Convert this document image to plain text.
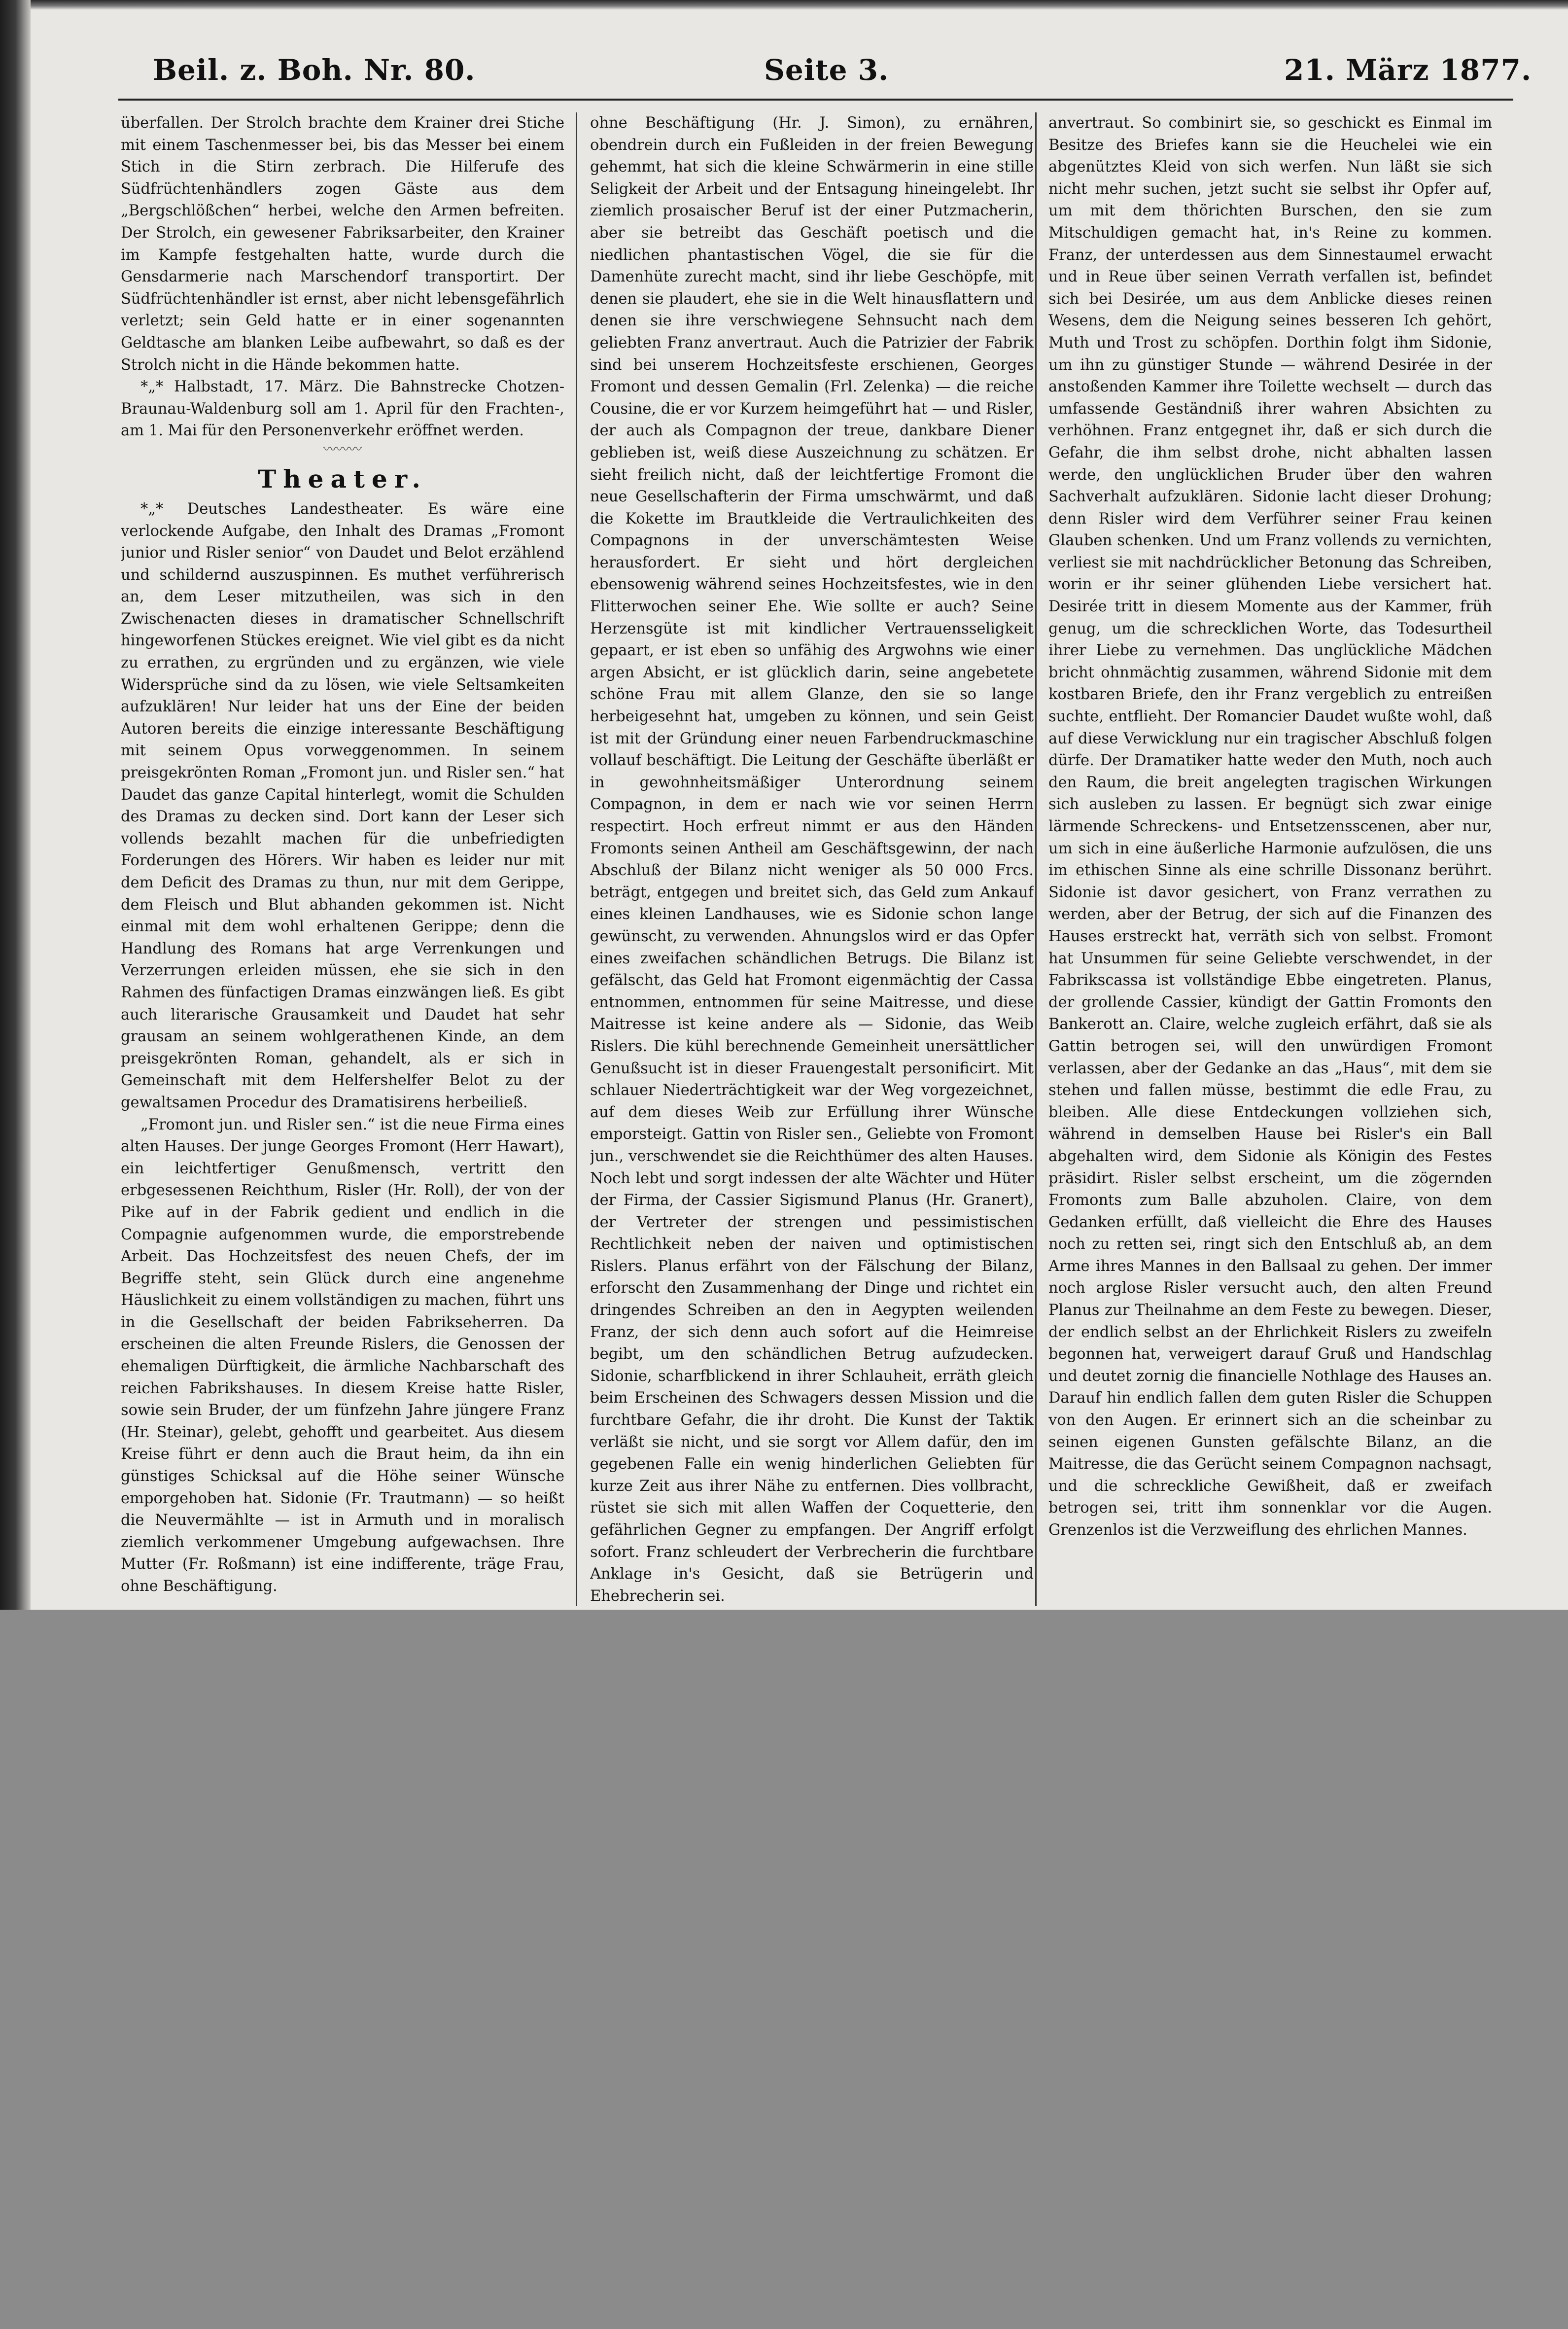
Beil. z. Boh. Nr. 80.	Seite 3.	21. März 1877.

überfallen. Der Strolch brachte dem Krainer drei Stiche mit einem Taschenmesser bei, bis das Messer bei einem Stich in die Stirn zerbrach. Die Hilferufe des Südfrüchtenhändlers zogen Gäste aus dem „Bergschlößchen“ herbei, welche den Armen befreiten. Der Strolch, ein gewesener Fabriksarbeiter, den Krainer im Kampfe festgehalten hatte, wurde durch die Gensdarmerie nach Marschendorf transportirt. Der Südfrüchtenhändler ist ernst, aber nicht lebensgefährlich verletzt; sein Geld hatte er in einer sogenannten Geldtasche am blanken Leibe aufbewahrt, so daß es der Strolch nicht in die Hände bekommen hatte.

*„* Halbstadt, 17. März. Die Bahnstrecke Chotzen-Braunau-Waldenburg soll am 1. April für den Frachten-, am 1. Mai für den Personenverkehr eröffnet werden.

〰〰〰
Theater.

*„* Deutsches Landestheater. Es wäre eine verlockende Aufgabe, den Inhalt des Dramas „Fromont junior und Risler senior“ von Daudet und Belot erzählend und schildernd auszuspinnen. Es muthet verführerisch an, dem Leser mitzutheilen, was sich in den Zwischenacten dieses in dramatischer Schnellschrift hingeworfenen Stückes ereignet. Wie viel gibt es da nicht zu errathen, zu ergründen und zu ergänzen, wie viele Widersprüche sind da zu lösen, wie viele Seltsamkeiten aufzuklären! Nur leider hat uns der Eine der beiden Autoren bereits die einzige interessante Beschäftigung mit seinem Opus vorweggenommen. In seinem preisgekrönten Roman „Fromont jun. und Risler sen.“ hat Daudet das ganze Capital hinterlegt, womit die Schulden des Dramas zu decken sind. Dort kann der Leser sich vollends bezahlt machen für die unbefriedigten Forderungen des Hörers. Wir haben es leider nur mit dem Deficit des Dramas zu thun, nur mit dem Gerippe, dem Fleisch und Blut abhanden gekommen ist. Nicht einmal mit dem wohl erhaltenen Gerippe; denn die Handlung des Romans hat arge Verrenkungen und Verzerrungen erleiden müssen, ehe sie sich in den Rahmen des fünfactigen Dramas einzwängen ließ. Es gibt auch literarische Grausamkeit und Daudet hat sehr grausam an seinem wohlgerathenen Kinde, an dem preisgekrönten Roman, gehandelt, als er sich in Gemeinschaft mit dem Helfershelfer Belot zu der gewaltsamen Procedur des Dramatisirens herbeiließ.

„Fromont jun. und Risler sen.“ ist die neue Firma eines alten Hauses. Der junge Georges Fromont (Herr Hawart), ein leichtfertiger Genußmensch, vertritt den erbgesessenen Reichthum, Risler (Hr. Roll), der von der Pike auf in der Fabrik gedient und endlich in die Compagnie aufgenommen wurde, die emporstrebende Arbeit. Das Hochzeitsfest des neuen Chefs, der im Begriffe steht, sein Glück durch eine angenehme Häuslichkeit zu einem vollständigen zu machen, führt uns in die Gesellschaft der beiden Fabrikseherren. Da erscheinen die alten Freunde Rislers, die Genossen der ehemaligen Dürftigkeit, die ärmliche Nachbarschaft des reichen Fabrikshauses. In diesem Kreise hatte Risler, sowie sein Bruder, der um fünfzehn Jahre jüngere Franz (Hr. Steinar), gelebt, gehofft und gearbeitet. Aus diesem Kreise führt er denn auch die Braut heim, da ihn ein günstiges Schicksal auf die Höhe seiner Wünsche emporgehoben hat. Sidonie (Fr. Trautmann) — so heißt die Neuvermählte — ist in Armuth und in moralisch ziemlich verkommener Umgebung aufgewachsen. Ihre Mutter (Fr. Roßmann) ist eine indifferente, träge Frau, ohne Beschäftigung.

ohne Beschäftigung (Hr. J. Simon), zu ernähren, obendrein durch ein Fußleiden in der freien Bewegung gehemmt, hat sich die kleine Schwärmerin in eine stille Seligkeit der Arbeit und der Entsagung hineingelebt. Ihr ziemlich prosaischer Beruf ist der einer Putzmacherin, aber sie betreibt das Geschäft poetisch und die niedlichen phantastischen Vögel, die sie für die Damenhüte zurecht macht, sind ihr liebe Geschöpfe, mit denen sie plaudert, ehe sie in die Welt hinausflattern und denen sie ihre verschwiegene Sehnsucht nach dem geliebten Franz anvertraut. Auch die Patrizier der Fabrik sind bei unserem Hochzeitsfeste erschienen, Georges Fromont und dessen Gemalin (Frl. Zelenka) — die reiche Cousine, die er vor Kurzem heimgeführt hat — und Risler, der auch als Compagnon der treue, dankbare Diener geblieben ist, weiß diese Auszeichnung zu schätzen. Er sieht freilich nicht, daß der leichtfertige Fromont die neue Gesellschafterin der Firma umschwärmt, und daß die Kokette im Brautkleide die Vertraulichkeiten des Compagnons in der unverschämtesten Weise herausfordert. Er sieht und hört dergleichen ebensowenig während seines Hochzeitsfestes, wie in den Flitterwochen seiner Ehe. Wie sollte er auch? Seine Herzensgüte ist mit kindlicher Vertrauensseligkeit gepaart, er ist eben so unfähig des Argwohns wie einer argen Absicht, er ist glücklich darin, seine angebetete schöne Frau mit allem Glanze, den sie so lange herbeigesehnt hat, umgeben zu können, und sein Geist ist mit der Gründung einer neuen Farbendruckmaschine vollauf beschäftigt. Die Leitung der Geschäfte überläßt er in gewohnheitsmäßiger Unterordnung seinem Compagnon, in dem er nach wie vor seinen Herrn respectirt. Hoch erfreut nimmt er aus den Händen Fromonts seinen Antheil am Geschäftsgewinn, der nach Abschluß der Bilanz nicht weniger als 50 000 Frcs. beträgt, entgegen und breitet sich, das Geld zum Ankauf eines kleinen Landhauses, wie es Sidonie schon lange gewünscht, zu verwenden. Ahnungslos wird er das Opfer eines zweifachen schändlichen Betrugs. Die Bilanz ist gefälscht, das Geld hat Fromont eigenmächtig der Cassa entnommen, entnommen für seine Maitresse, und diese Maitresse ist keine andere als — Sidonie, das Weib Rislers. Die kühl berechnende Gemeinheit unersättlicher Genußsucht ist in dieser Frauengestalt personificirt. Mit schlauer Niederträchtigkeit war der Weg vorgezeichnet, auf dem dieses Weib zur Erfüllung ihrer Wünsche emporsteigt. Gattin von Risler sen., Geliebte von Fromont jun., verschwendet sie die Reichthümer des alten Hauses. Noch lebt und sorgt indessen der alte Wächter und Hüter der Firma, der Cassier Sigismund Planus (Hr. Granert), der Vertreter der strengen und pessimistischen Rechtlichkeit neben der naiven und optimistischen Rislers. Planus erfährt von der Fälschung der Bilanz, erforscht den Zusammenhang der Dinge und richtet ein dringendes Schreiben an den in Aegypten weilenden Franz, der sich denn auch sofort auf die Heimreise begibt, um den schändlichen Betrug aufzudecken. Sidonie, scharfblickend in ihrer Schlauheit, erräth gleich beim Erscheinen des Schwagers dessen Mission und die furchtbare Gefahr, die ihr droht. Die Kunst der Taktik verläßt sie nicht, und sie sorgt vor Allem dafür, den im gegebenen Falle ein wenig hinderlichen Geliebten für kurze Zeit aus ihrer Nähe zu entfernen. Dies vollbracht, rüstet sie sich mit allen Waffen der Coquetterie, den gefährlichen Gegner zu empfangen. Der Angriff erfolgt sofort. Franz schleudert der Verbrecherin die furchtbare Anklage in's Gesicht, daß sie Betrügerin und Ehebrecherin sei.

anvertraut. So combinirt sie, so geschickt es Einmal im Besitze des Briefes kann sie die Heuchelei wie ein abgenütztes Kleid von sich werfen. Nun läßt sie sich nicht mehr suchen, jetzt sucht sie selbst ihr Opfer auf, um mit dem thörichten Burschen, den sie zum Mitschuldigen gemacht hat, in's Reine zu kommen. Franz, der unterdessen aus dem Sinnestaumel erwacht und in Reue über seinen Verrath verfallen ist, befindet sich bei Desirée, um aus dem Anblicke dieses reinen Wesens, dem die Neigung seines besseren Ich gehört, Muth und Trost zu schöpfen. Dorthin folgt ihm Sidonie, um ihn zu günstiger Stunde — während Desirée in der anstoßenden Kammer ihre Toilette wechselt — durch das umfassende Geständniß ihrer wahren Absichten zu verhöhnen. Franz entgegnet ihr, daß er sich durch die Gefahr, die ihm selbst drohe, nicht abhalten lassen werde, den unglücklichen Bruder über den wahren Sachverhalt aufzuklären. Sidonie lacht dieser Drohung; denn Risler wird dem Verführer seiner Frau keinen Glauben schenken. Und um Franz vollends zu vernichten, verliest sie mit nachdrücklicher Betonung das Schreiben, worin er ihr seiner glühenden Liebe versichert hat. Desirée tritt in diesem Momente aus der Kammer, früh genug, um die schrecklichen Worte, das Todesurtheil ihrer Liebe zu vernehmen. Das unglückliche Mädchen bricht ohnmächtig zusammen, während Sidonie mit dem kostbaren Briefe, den ihr Franz vergeblich zu entreißen suchte, entflieht. Der Romancier Daudet wußte wohl, daß auf diese Verwicklung nur ein tragischer Abschluß folgen dürfe. Der Dramatiker hatte weder den Muth, noch auch den Raum, die breit angelegten tragischen Wirkungen sich ausleben zu lassen. Er begnügt sich zwar einige lärmende Schreckens- und Entsetzensscenen, aber nur, um sich in eine äußerliche Harmonie aufzulösen, die uns im ethischen Sinne als eine schrille Dissonanz berührt. Sidonie ist davor gesichert, von Franz verrathen zu werden, aber der Betrug, der sich auf die Finanzen des Hauses erstreckt hat, verräth sich von selbst. Fromont hat Unsummen für seine Geliebte verschwendet, in der Fabrikscassa ist vollständige Ebbe eingetreten. Planus, der grollende Cassier, kündigt der Gattin Fromonts den Bankerott an. Claire, welche zugleich erfährt, daß sie als Gattin betrogen sei, will den unwürdigen Fromont verlassen, aber der Gedanke an das „Haus“, mit dem sie stehen und fallen müsse, bestimmt die edle Frau, zu bleiben. Alle diese Entdeckungen vollziehen sich, während in demselben Hause bei Risler's ein Ball abgehalten wird, dem Sidonie als Königin des Festes präsidirt. Risler selbst erscheint, um die zögernden Fromonts zum Balle abzuholen. Claire, von dem Gedanken erfüllt, daß vielleicht die Ehre des Hauses noch zu retten sei, ringt sich den Entschluß ab, an dem Arme ihres Mannes in den Ballsaal zu gehen. Der immer noch arglose Risler versucht auch, den alten Freund Planus zur Theilnahme an dem Feste zu bewegen. Dieser, der endlich selbst an der Ehrlichkeit Rislers zu zweifeln begonnen hat, verweigert darauf Gruß und Handschlag und deutet zornig die financielle Nothlage des Hauses an. Darauf hin endlich fallen dem guten Risler die Schuppen von den Augen. Er erinnert sich an die scheinbar zu seinen eigenen Gunsten gefälschte Bilanz, an die Maitresse, die das Gerücht seinem Compagnon nachsagt, und die schreckliche Gewißheit, daß er zweifach betrogen sei, tritt ihm sonnenklar vor die Augen. Grenzenlos ist die Verzweiflung des ehrlichen Mannes.
